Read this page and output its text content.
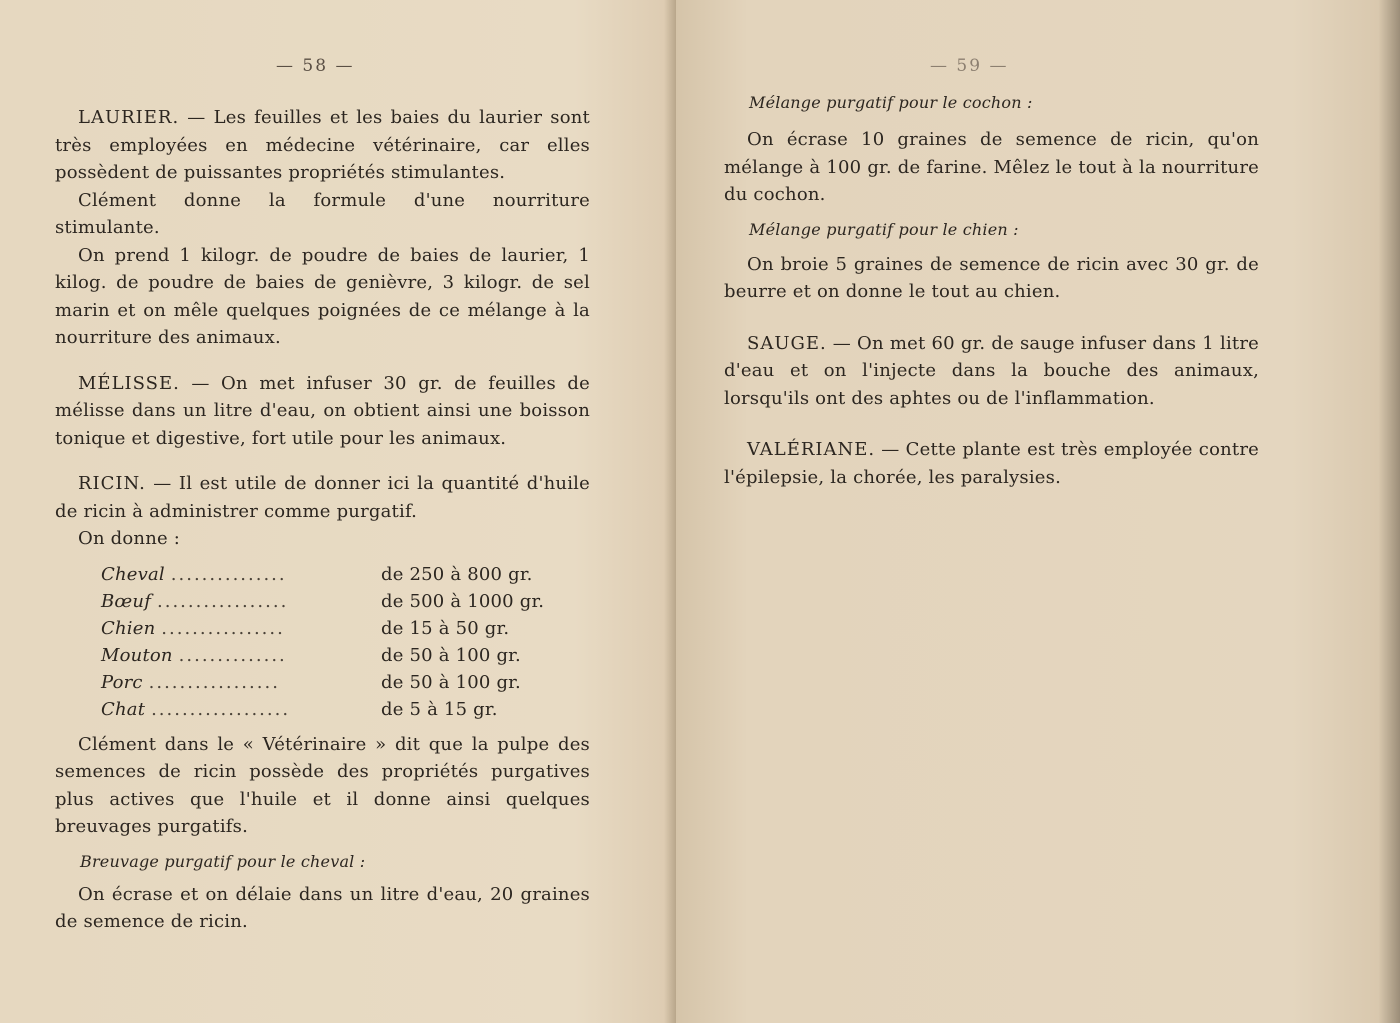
— 58 —

LAURIER. — Les feuilles et les baies du laurier sont très employées en médecine vétérinaire, car elles possèdent de puissantes propriétés stimulantes.

Clément donne la formule d'une nourriture stimulante.

On prend 1 kilogr. de poudre de baies de laurier, 1 kilog. de poudre de baies de genièvre, 3 kilogr. de sel marin et on mêle quelques poignées de ce mélange à la nourriture des animaux.

MÉLISSE. — On met infuser 30 gr. de feuilles de mélisse dans un litre d'eau, on obtient ainsi une boisson tonique et digestive, fort utile pour les animaux.

RICIN. — Il est utile de donner ici la quantité d'huile de ricin à administrer comme purgatif.

On donne :

Cheval ...............	de 250 à 800 gr.
Bœuf .................	de 500 à 1000 gr.
Chien ................	de 15 à 50 gr.
Mouton ..............	de 50 à 100 gr.
Porc .................	de 50 à 100 gr.
Chat ..................	de 5 à 15 gr.

Clément dans le « Vétérinaire » dit que la pulpe des semences de ricin possède des propriétés purgatives plus actives que l'huile et il donne ainsi quelques breuvages purgatifs.

Breuvage purgatif pour le cheval :

On écrase et on délaie dans un litre d'eau, 20 graines de semence de ricin.

— 59 —

Mélange purgatif pour le cochon :

On écrase 10 graines de semence de ricin, qu'on mélange à 100 gr. de farine. Mêlez le tout à la nourriture du cochon.

Mélange purgatif pour le chien :

On broie 5 graines de semence de ricin avec 30 gr. de beurre et on donne le tout au chien.

SAUGE. — On met 60 gr. de sauge infuser dans 1 litre d'eau et on l'injecte dans la bouche des animaux, lorsqu'ils ont des aphtes ou de l'inflammation.

VALÉRIANE. — Cette plante est très employée contre l'épilepsie, la chorée, les paralysies.
